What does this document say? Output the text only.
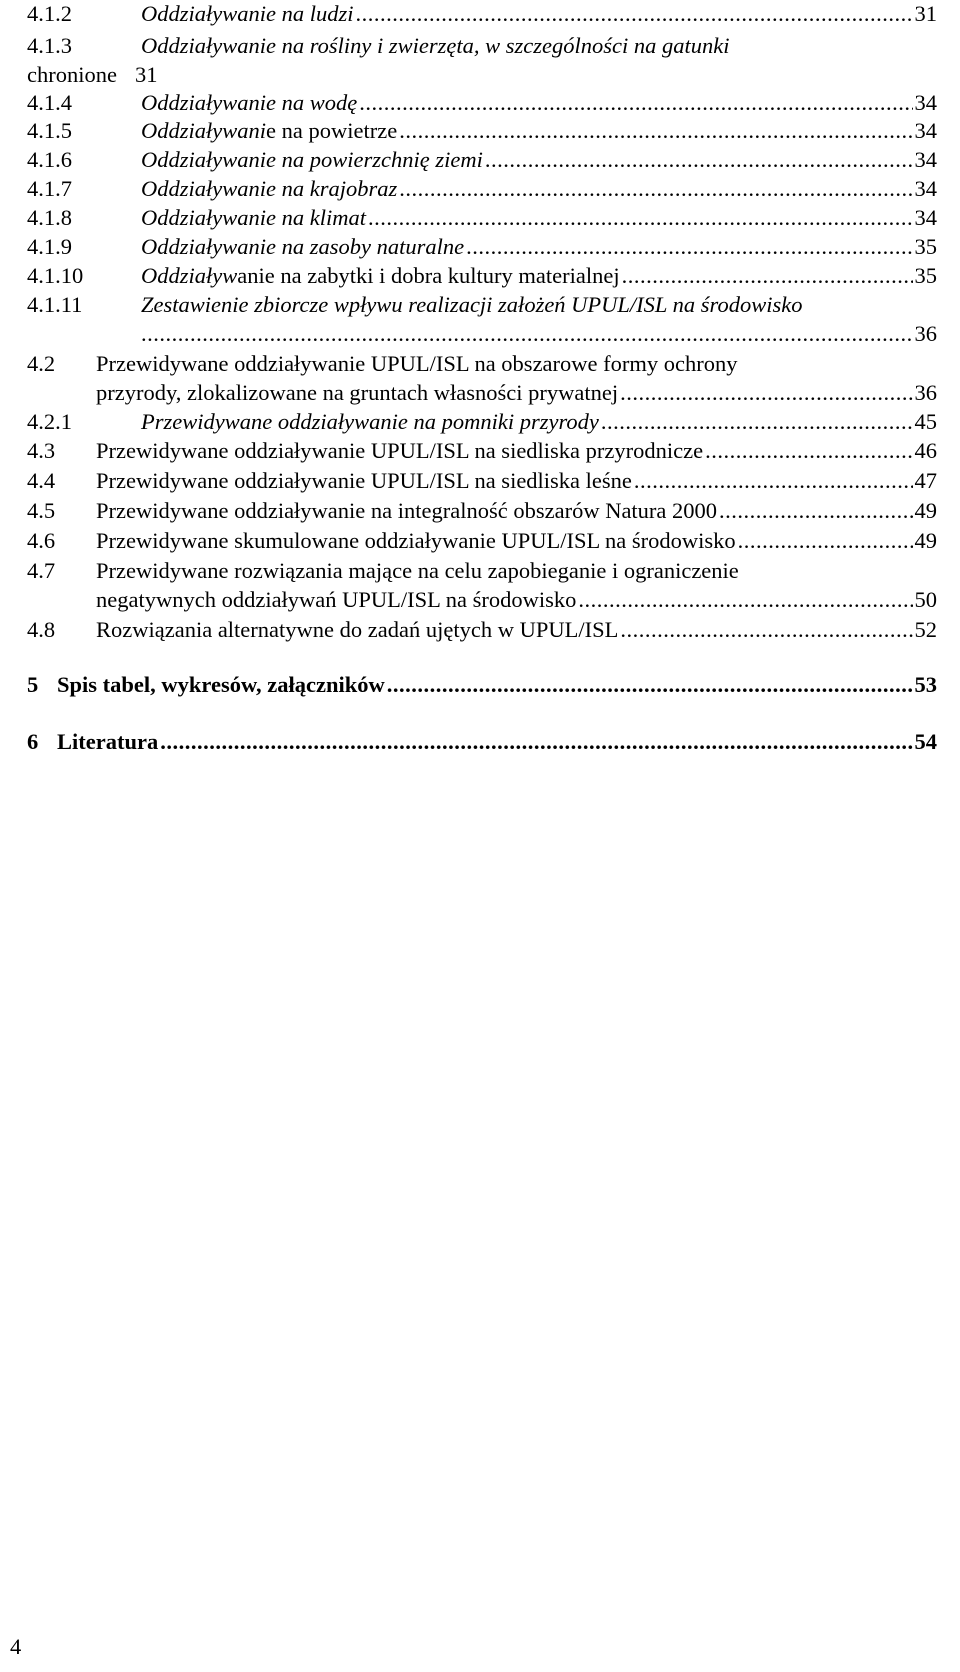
4.1.2	Oddziaływanie na ludzi .....	31
4.1.3	Oddziaływanie na rośliny i zwierzęta, w szczególności na gatunki
chronione 31
4.1.4	Oddziaływanie na wodę .....	34
4.1.5	Oddziaływani e na powietrze .....	34
4.1.6	Oddziaływanie na powierzchnię ziemi .....	34
4.1.7	Oddziaływanie na krajobraz .....	34
4.1.8	Oddziaływanie na klimat .....	34
4.1.9	Oddziaływanie na zasoby naturalne .....	35
4.1.10	Oddziaływ anie na zabytki i dobra kultury materialnej .....	35
4.1.11	Zestawienie zbiorcze wpływu realizacji założeń UPUL/ISL na środowisko
.....
36
4.2 Przewidywane oddziaływanie UPUL/ISL na obszarowe formy ochrony
przyrody, zlokalizowane na gruntach własności prywatnej .....	36
4.2.1	Przewidywane oddziaływanie na pomniki przyrody .....	45
4.3 Przewidywane oddziaływanie UPUL/ISL na siedliska przyrodnicze .....	46
4.4 Przewidywane oddziaływanie UPUL/ISL na siedliska leśne .....	47
4.5 Przewidywane oddziaływanie na integralność obszarów Natura 2000 .....	49
4.6 Przewidywane skumulowane oddziaływanie UPUL/ISL na środowisko .....	49
4.7 Przewidywane rozwiązania mające na celu zapobieganie i ograniczenie
negatywnych oddziaływań UPUL/ISL na środowisko .....	50
4.8 Rozwiązania alternatywne do zadań ujętych w UPUL/ISL .....	52
5 Spis tabel, wykresów, załączników .....	53
6 Literatura .....	54
4
